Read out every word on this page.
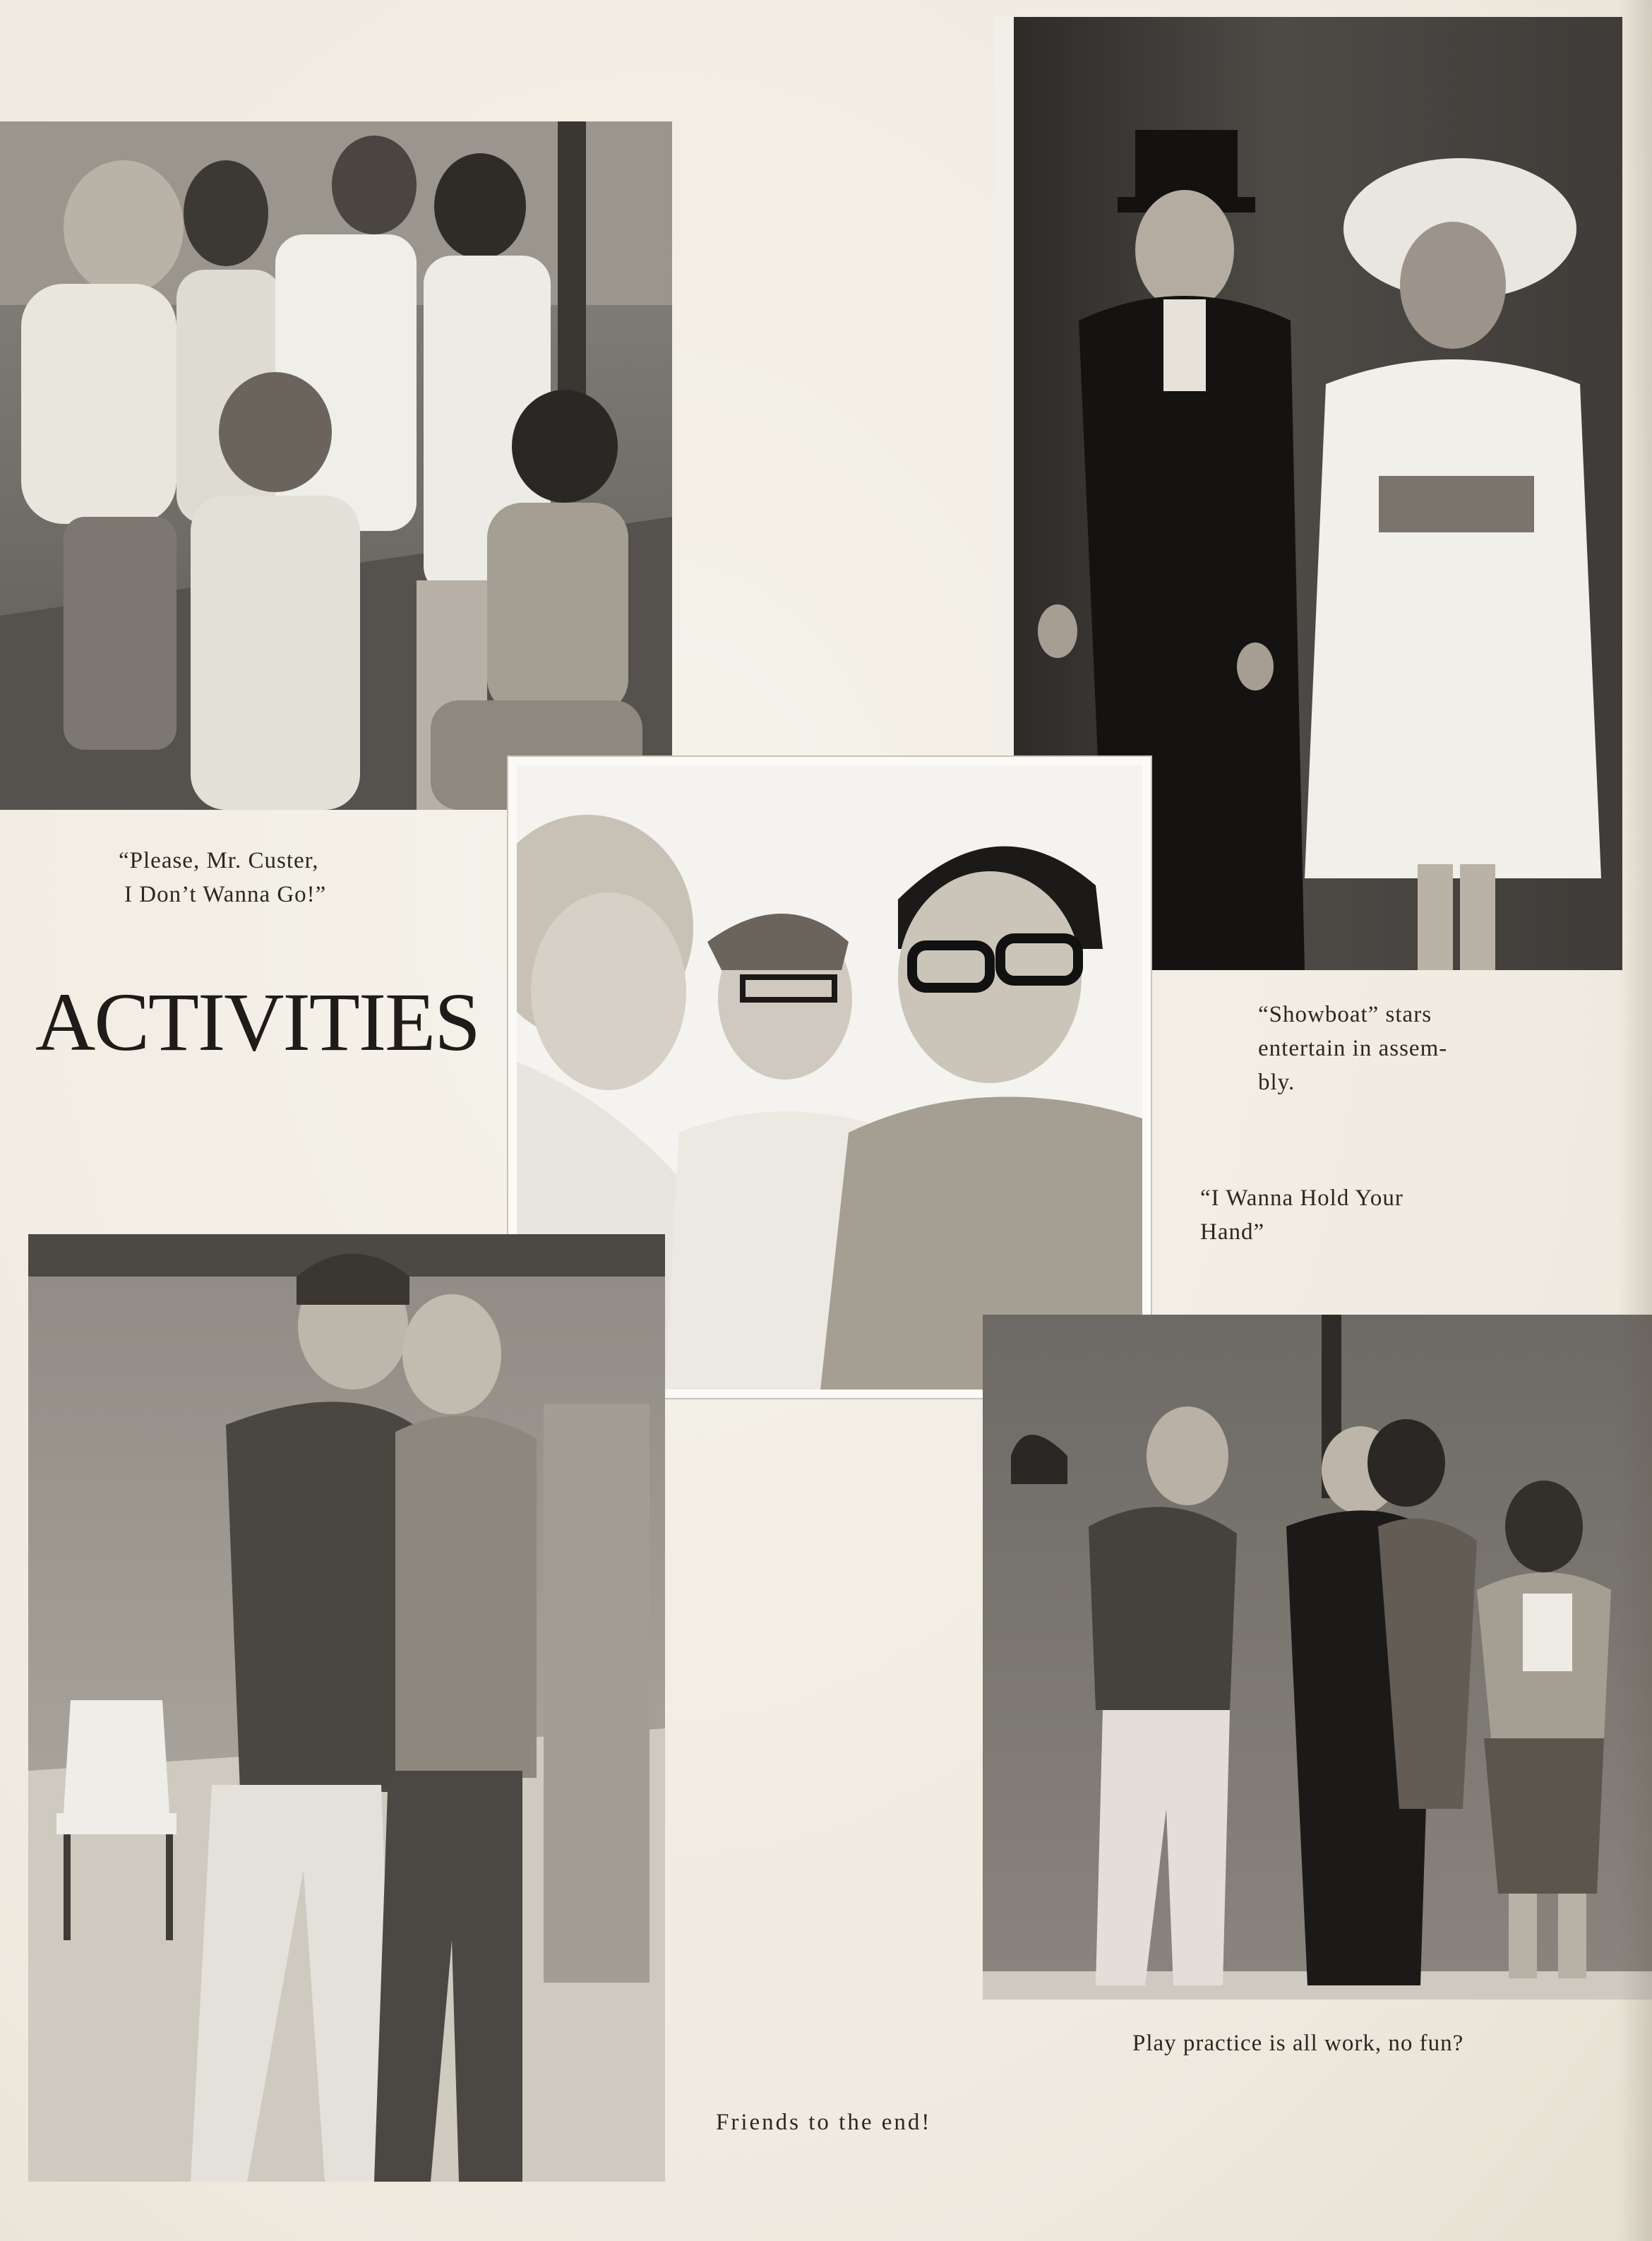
“Please, Mr. Custer,
I Don’t Wanna Go!”

ACTIVITIES	“Showboat” stars
entertain in assem-
bly.

“I Wanna Hold Your
Hand”

Friends to the end!

Play practice is all work, no fun?
